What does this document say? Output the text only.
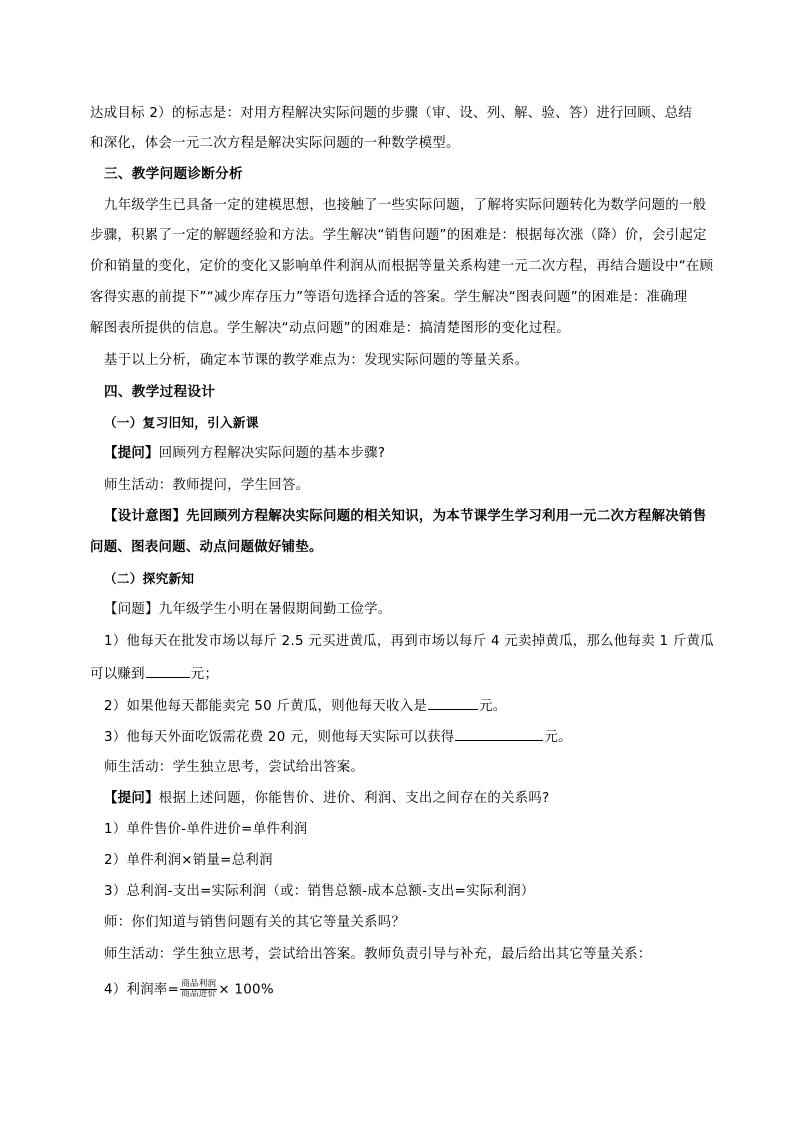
达成目标 2）的标志是：对用方程解决实际问题的步骤（审、设、列、解、验、答）进行回顾、总结
和深化，体会一元二次方程是解决实际问题的一种数学模型。
三、教学问题诊断分析
九年级学生已具备一定的建模思想，也接触了一些实际问题，了解将实际问题转化为数学问题的一般
步骤，积累了一定的解题经验和方法。学生解决“销售问题”的困难是：根据每次涨（降）价，会引起定
价和销量的变化，定价的变化又影响单件利润从而根据等量关系构建一元二次方程，再结合题设中“在顾
客得实惠的前提下”“减少库存压力”等语句选择合适的答案。学生解决“图表问题”的困难是：准确理
解图表所提供的信息。学生解决“动点问题”的困难是：搞清楚图形的变化过程。
基于以上分析，确定本节课的教学难点为：发现实际问题的等量关系。
四、教学过程设计
（一）复习旧知，引入新课
【提问】回顾列方程解决实际问题的基本步骤?
师生活动：教师提问，学生回答。
【设计意图】先回顾列方程解决实际问题的相关知识，为本节课学生学习利用一元二次方程解决销售
问题、图表问题、动点问题做好铺垫。
（二）探究新知
【问题】九年级学生小明在暑假期间勤工俭学。
1）他每天在批发市场以每斤 2.5 元买进黄瓜，再到市场以每斤 4 元卖掉黄瓜，那么他每卖 1 斤黄瓜
可以赚到	元；
2）如果他每天都能卖完 50 斤黄瓜，则他每天收入是	元。
3）他每天外面吃饭需花费 20 元，则他每天实际可以获得	元。
师生活动：学生独立思考，尝试给出答案。
【提问】根据上述问题，你能售价、进价、利润、支出之间存在的关系吗?
1）单件售价-单件进价=单件利润
2）单件利润×销量=总利润
3）总利润-支出=实际利润（或：销售总额-成本总额-支出=实际利润）
师：你们知道与销售问题有关的其它等量关系吗？
师生活动：学生独立思考，尝试给出答案。教师负责引导与补充，最后给出其它等量关系：
4）利润率= $\frac{\text{商品利润}}{\text{商品进价}} \times 100\%$
